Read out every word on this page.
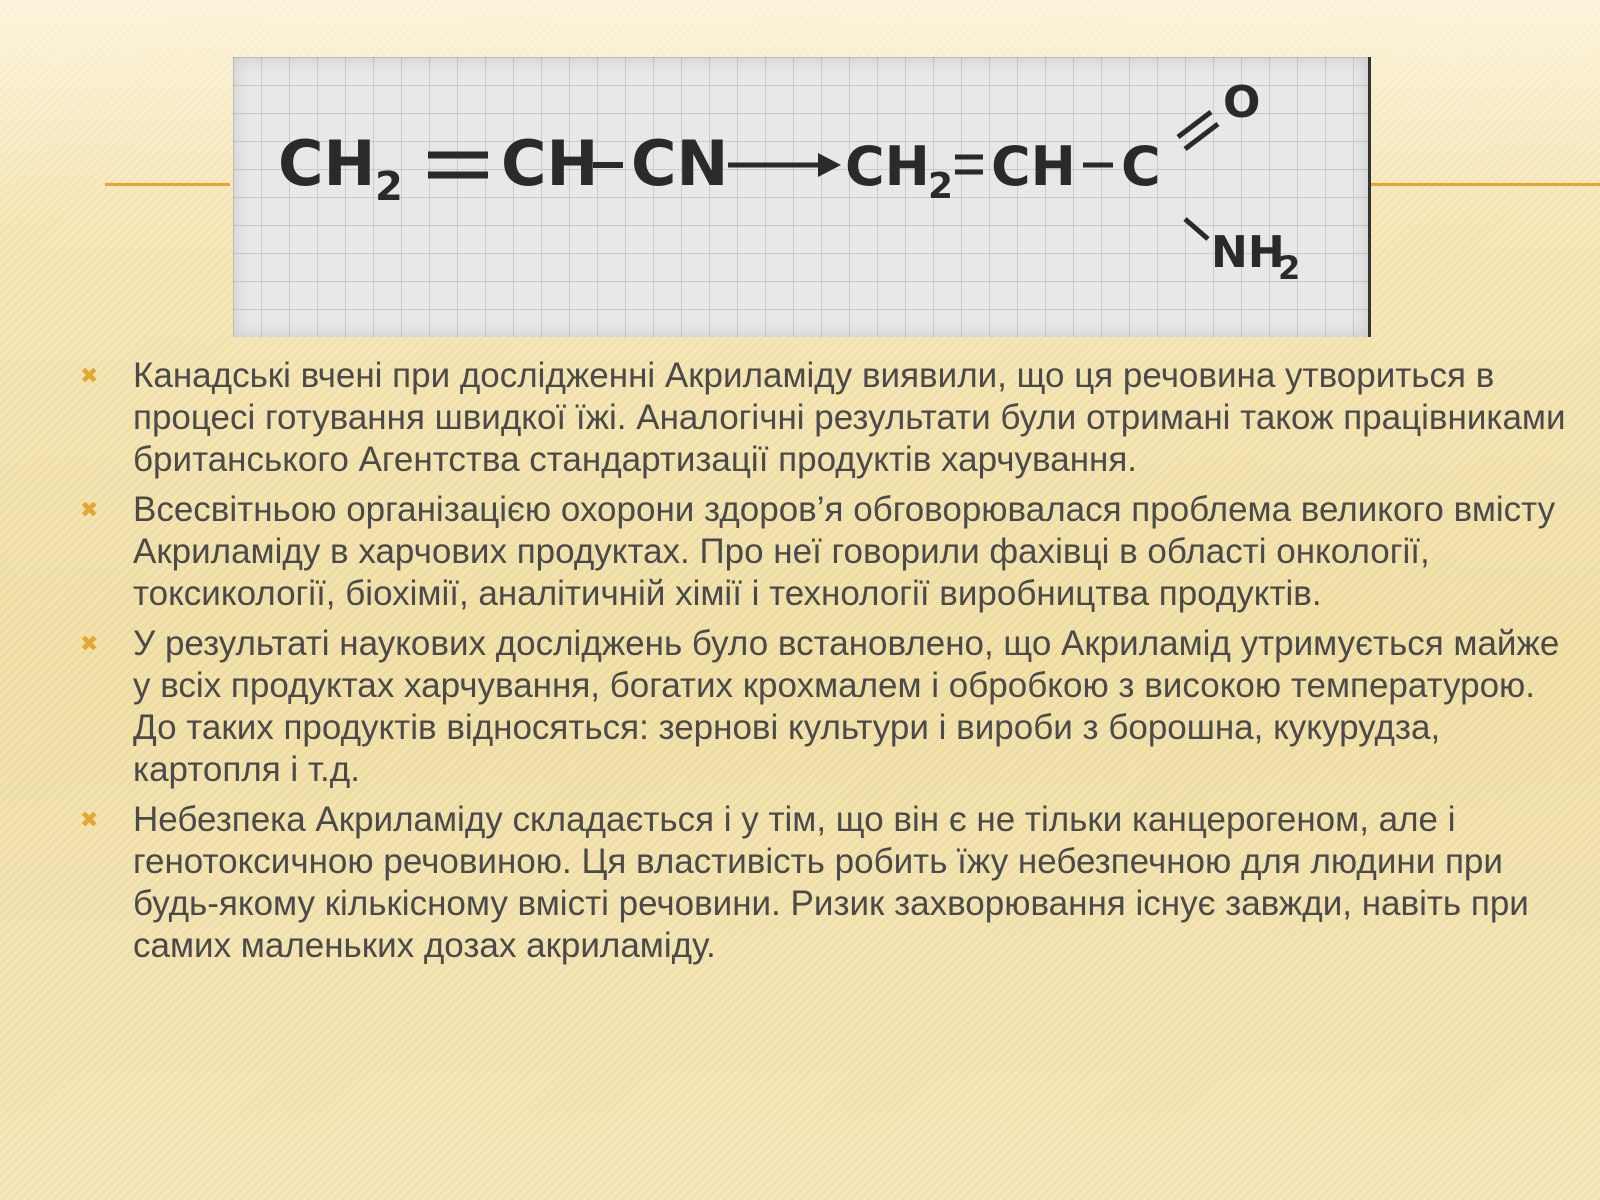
CH 2 CH CN CH
2 CH C
O
NH
2
✖ Канадські вчені при дослідженні Акриламіду виявили, що ця речовина утвориться в процесі готування швидкої їжі. Аналогічні результати були отримані також працівниками британського Агентства стандартизації продуктів харчування.
✖ Всесвітньою організацією охорони здоров’я обговорювалася проблема великого вмісту Акриламіду в харчових продуктах. Про неї говорили фахівці в області онкології, токсикології, біохімії, аналітичній хімії і технології виробництва продуктів.
✖ У результаті наукових досліджень було встановлено, що Акриламід утримується майже у всіх продуктах харчування, богатих крохмалем і обробкою з високою температурою. До таких продуктів відносяться: зернові культури і вироби з борошна, кукурудза, картопля і т.д.
✖ Небезпека Акриламіду складається і у тім, що він є не тільки канцерогеном, але і генотоксичною речовиною. Ця властивість робить їжу небезпечною для людини при будь-якому кількісному вмісті речовини. Ризик захворювання існує завжди, навіть при самих маленьких дозах акриламіду.
